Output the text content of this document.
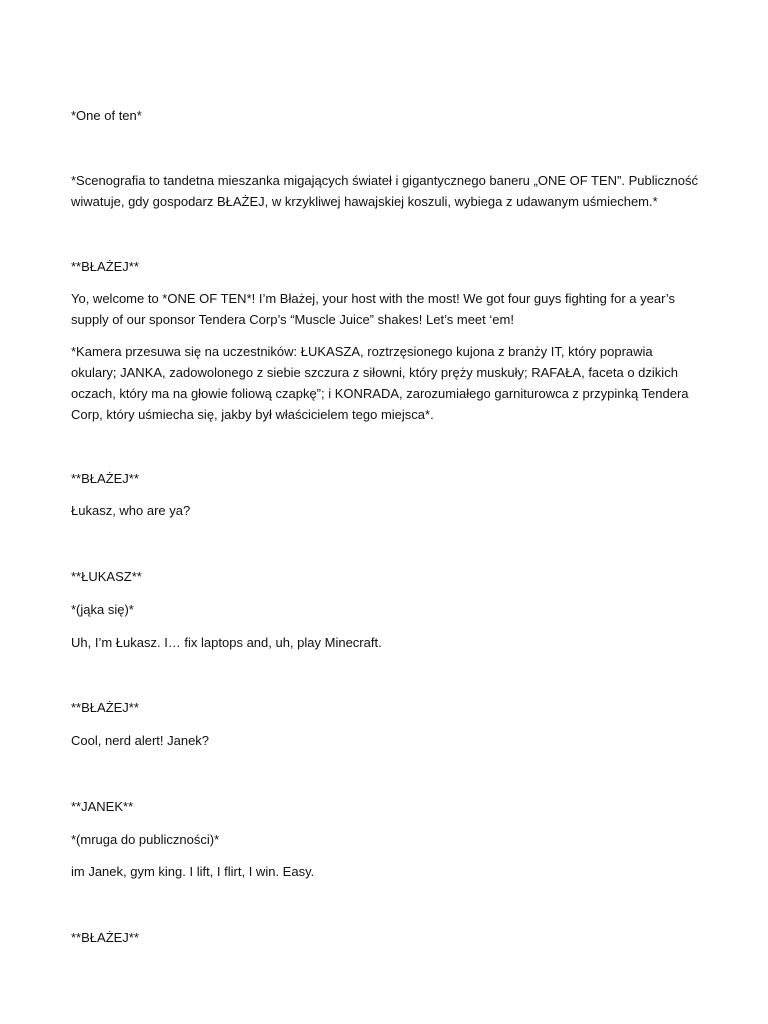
*One of ten*

*Scenografia to tandetna mieszanka migających świateł i gigantycznego baneru „ONE OF TEN”. Publiczność wiwatuje, gdy gospodarz BŁAŻEJ, w krzykliwej hawajskiej koszuli, wybiega z udawanym uśmiechem.*

**BŁAŻEJ**

Yo, welcome to *ONE OF TEN*! I’m Błażej, your host with the most! We got four guys fighting for a year’s supply of our sponsor Tendera Corp’s “Muscle Juice” shakes! Let’s meet ‘em!

*Kamera przesuwa się na uczestników: ŁUKASZA, roztrzęsionego kujona z branży IT, który poprawia okulary; JANKA, zadowolonego z siebie szczura z siłowni, który pręży muskuły; RAFAŁA, faceta o dzikich oczach, który ma na głowie foliową czapkę”; i KONRADA, zarozumiałego garniturowca z przypinką Tendera Corp, który uśmiecha się, jakby był właścicielem tego miejsca*.

**BŁAŻEJ**

Łukasz, who are ya?

**ŁUKASZ**

*(jąka się)*

Uh, I’m Łukasz. I… fix laptops and, uh, play Minecraft.

**BŁAŻEJ**

Cool, nerd alert! Janek?

**JANEK**

*(mruga do publiczności)*

im Janek, gym king. I lift, I flirt, I win. Easy.

**BŁAŻEJ**
